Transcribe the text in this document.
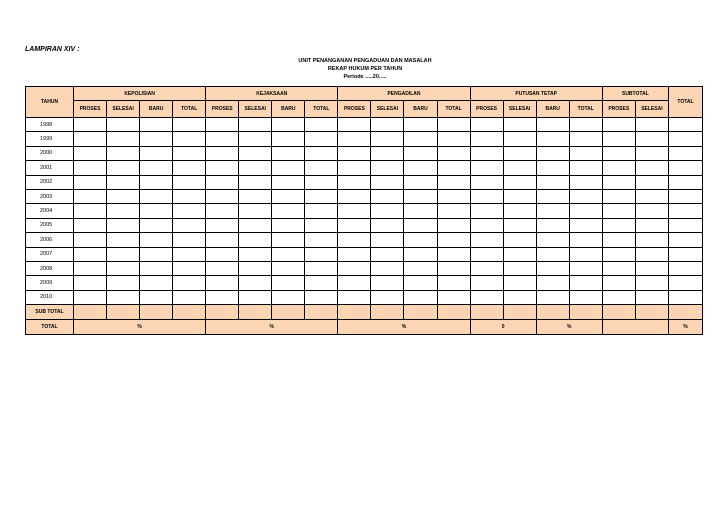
LAMPIRAN XIV :
UNIT PENANGANAN PENGADUAN DAN MASALAH
REKAP HUKUM PER TAHUN
Periode .....20.....
TAHUN	KEPOLISIAN				KEJAKSAAN				PENGADILAN				PUTUSAN TETAP				SUBTOTAL		TOTAL
	PROSES	SELESAI	BARU	TOTAL	PROSES	SELESAI	BARU	TOTAL	PROSES	SELESAI	BARU	TOTAL	PROSES	SELESAI	BARU	TOTAL	PROSES	SELESAI	
1998																			
1999																			
2000																			
2001																			
2002																			
2003																			
2004																			
2005																			
2006																			
2007																			
2008																			
2009																			
2010																			
SUB TOTAL																			
TOTAL	%				%				%				0		%				%
